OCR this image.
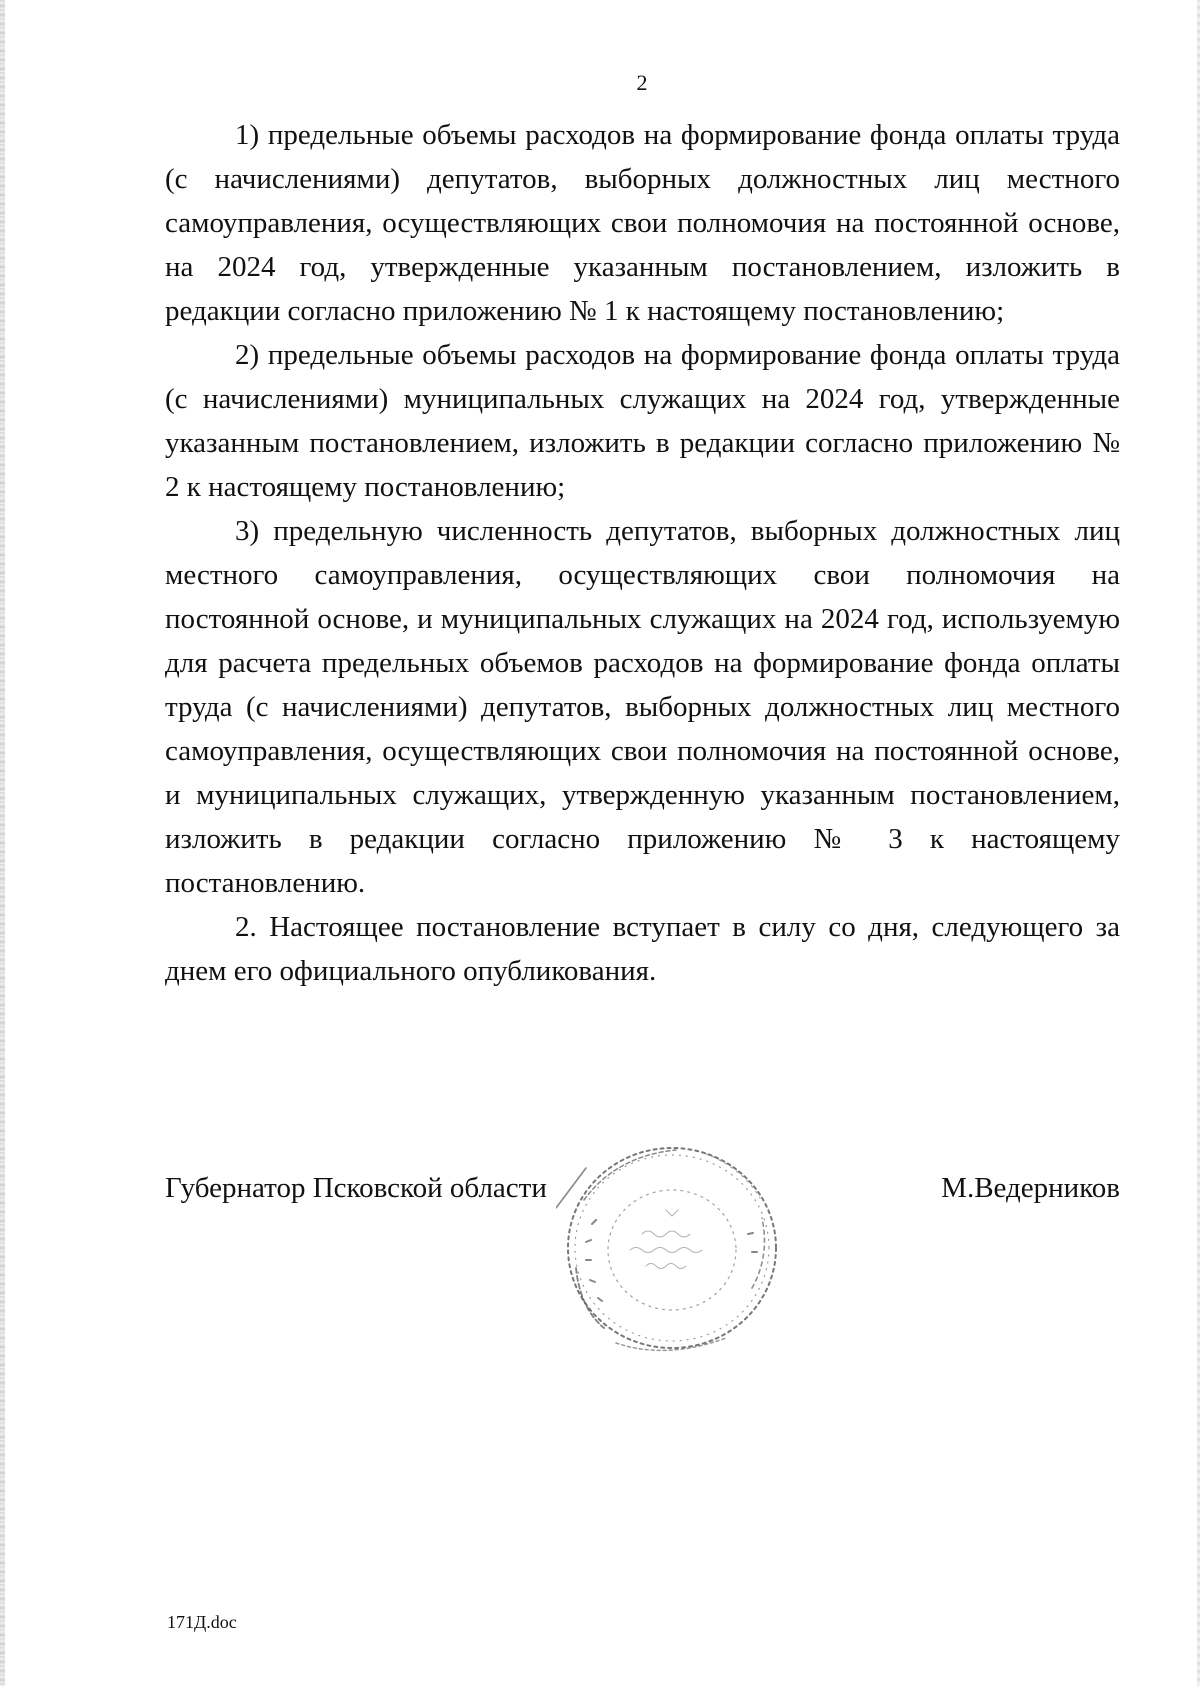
2

1) предельные объемы расходов на формирование фонда оплаты труда (с начислениями) депутатов, выборных должностных лиц местного самоуправления, осуществляющих свои полномочия на постоянной основе, на 2024 год, утвержденные указанным постановлением, изложить в редакции согласно приложению № 1 к настоящему постановлению;

2) предельные объемы расходов на формирование фонда оплаты труда (с начислениями) муниципальных служащих на 2024 год, утвержденные указанным постановлением, изложить в редакции согласно приложению № 2 к настоящему постановлению;

3) предельную численность депутатов, выборных должностных лиц местного самоуправления, осуществляющих свои полномочия на постоянной основе, и муниципальных служащих на 2024 год, используемую для расчета предельных объемов расходов на формирование фонда оплаты труда (с начислениями) депутатов, выборных должностных лиц местного самоуправления, осуществляющих свои полномочия на постоянной основе, и муниципальных служащих, утвержденную указанным постановлением, изложить в редакции согласно приложению № 3 к настоящему постановлению.

2. Настоящее постановление вступает в силу со дня, следующего за днем его официального опубликования.

Губернатор Псковской области	М.Ведерников
171Д.doc
